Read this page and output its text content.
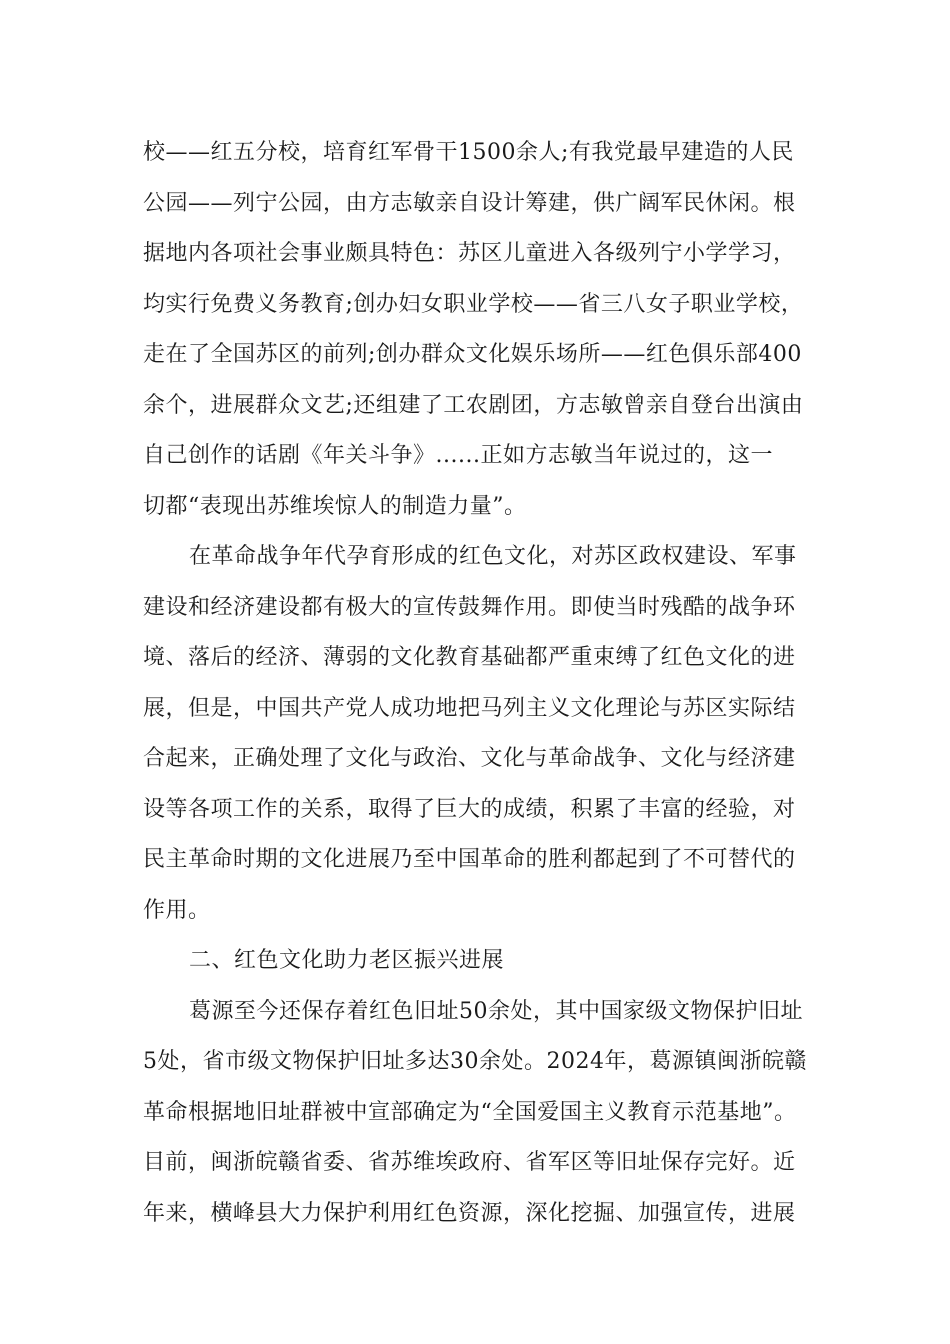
校——红五分校，培育红军骨干1500余人;有我党最早建造的人民
公园——列宁公园，由方志敏亲自设计筹建，供广阔军民休闲。根
据地内各项社会事业颇具特色：苏区儿童进入各级列宁小学学习，
均实行免费义务教育;创办妇女职业学校——省三八女子职业学校，
走在了全国苏区的前列;创办群众文化娱乐场所——红色俱乐部400
余个，进展群众文艺;还组建了工农剧团，方志敏曾亲自登台出演由
自己创作的话剧《年关斗争》......正如方志敏当年说过的，这一
切都“表现出苏维埃惊人的制造力量”。
在革命战争年代孕育形成的红色文化，对苏区政权建设、军事
建设和经济建设都有极大的宣传鼓舞作用。即使当时残酷的战争环
境、落后的经济、薄弱的文化教育基础都严重束缚了红色文化的进
展，但是，中国共产党人成功地把马列主义文化理论与苏区实际结
合起来，正确处理了文化与政治、文化与革命战争、文化与经济建
设等各项工作的关系，取得了巨大的成绩，积累了丰富的经验，对
民主革命时期的文化进展乃至中国革命的胜利都起到了不可替代的
作用。
二、红色文化助力老区振兴进展
葛源至今还保存着红色旧址50余处，其中国家级文物保护旧址
5处，省市级文物保护旧址多达30余处。2024年，葛源镇闽浙皖赣
革命根据地旧址群被中宣部确定为“全国爱国主义教育示范基地”。
目前，闽浙皖赣省委、省苏维埃政府、省军区等旧址保存完好。近
年来，横峰县大力保护利用红色资源，深化挖掘、加强宣传，进展
